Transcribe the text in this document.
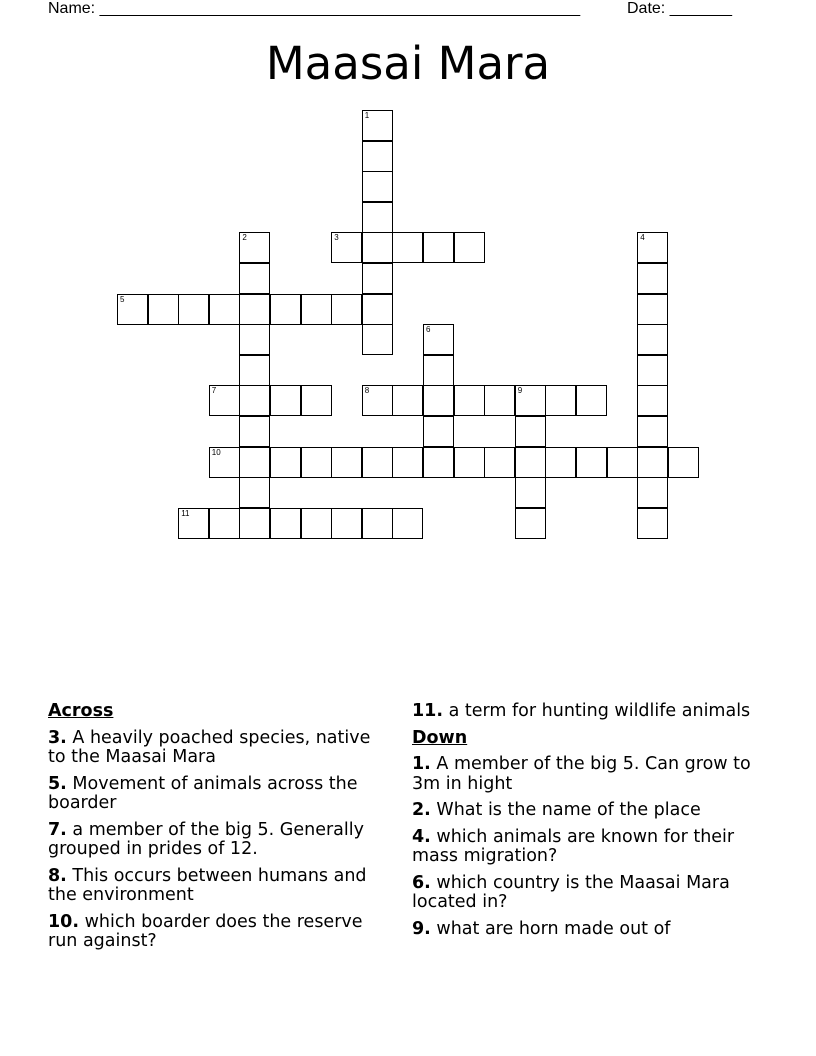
Name: ______________________________________________________	Date: _______
Maasai Mara
1
2	3	4
5
6
7	8	9
10
11
Across
3. A heavily poached species, native to the Maasai Mara
5. Movement of animals across the boarder
7. a member of the big 5. Generally grouped in prides of 12.
8. This occurs between humans and the environment
10. which boarder does the reserve run against?
11. a term for hunting wildlife animals
Down
1. A member of the big 5. Can grow to 3m in hight
2. What is the name of the place
4. which animals are known for their mass migration?
6. which country is the Maasai Mara located in?
9. what are horn made out of
